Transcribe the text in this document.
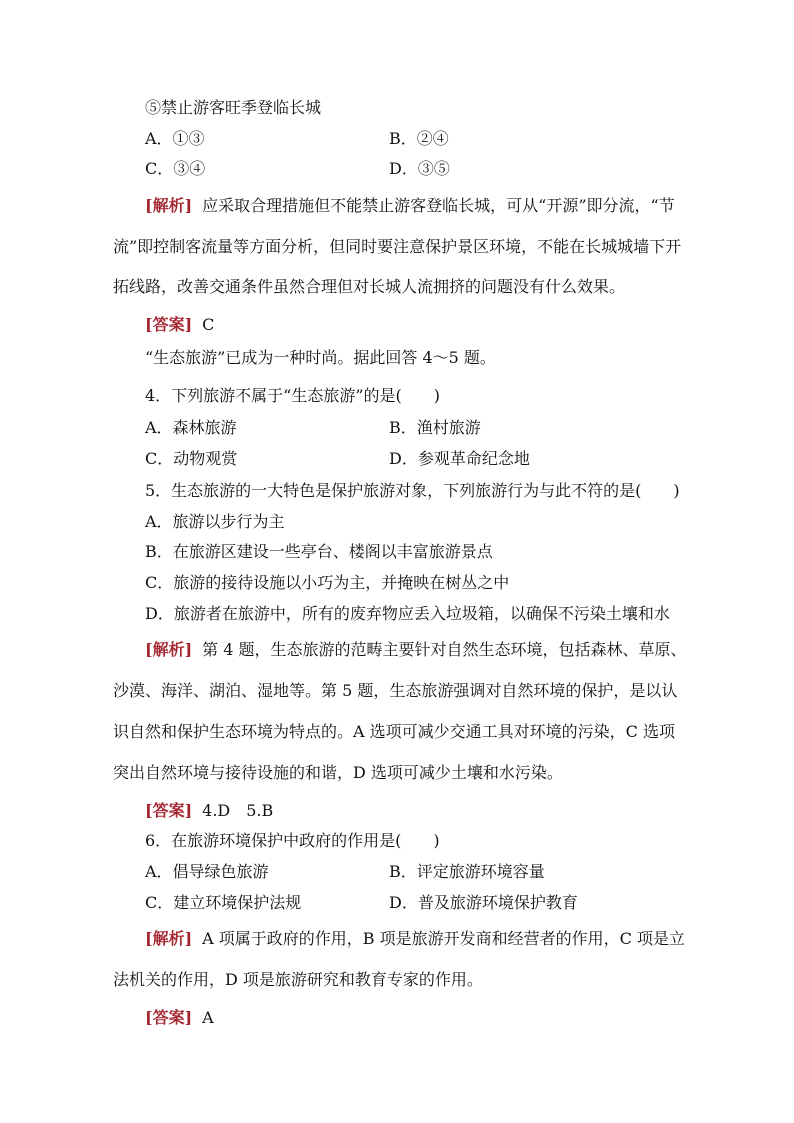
⑤禁止游客旺季登临长城
A．①③	B．②④
C．③④	D．③⑤
[解析] 应采取合理措施但不能禁止游客登临长城，可从“开源”即分流，“节
流”即控制客流量等方面分析，但同时要注意保护景区环境，不能在长城城墙下开
拓线路，改善交通条件虽然合理但对长城人流拥挤的问题没有什么效果。
[答案] C
“生态旅游”已成为一种时尚。据此回答 4～5 题。
4．下列旅游不属于“生态旅游”的是(　　)
A．森林旅游	B．渔村旅游
C．动物观赏	D．参观革命纪念地
5．生态旅游的一大特色是保护旅游对象，下列旅游行为与此不符的是(　　)
A．旅游以步行为主
B．在旅游区建设一些亭台、楼阁以丰富旅游景点
C．旅游的接待设施以小巧为主，并掩映在树丛之中
D．旅游者在旅游中，所有的废弃物应丢入垃圾箱，以确保不污染土壤和水
[解析] 第 4 题，生态旅游的范畴主要针对自然生态环境，包括森林、草原、
沙漠、海洋、湖泊、湿地等。第 5 题，生态旅游强调对自然环境的保护，是以认
识自然和保护生态环境为特点的。A 选项可减少交通工具对环境的污染，C 选项
突出自然环境与接待设施的和谐，D 选项可减少土壤和水污染。
[答案] 4.D　5.B
6．在旅游环境保护中政府的作用是(　　)
A．倡导绿色旅游	B．评定旅游环境容量
C．建立环境保护法规	D．普及旅游环境保护教育
[解析] A 项属于政府的作用，B 项是旅游开发商和经营者的作用，C 项是立
法机关的作用，D 项是旅游研究和教育专家的作用。
[答案] A
